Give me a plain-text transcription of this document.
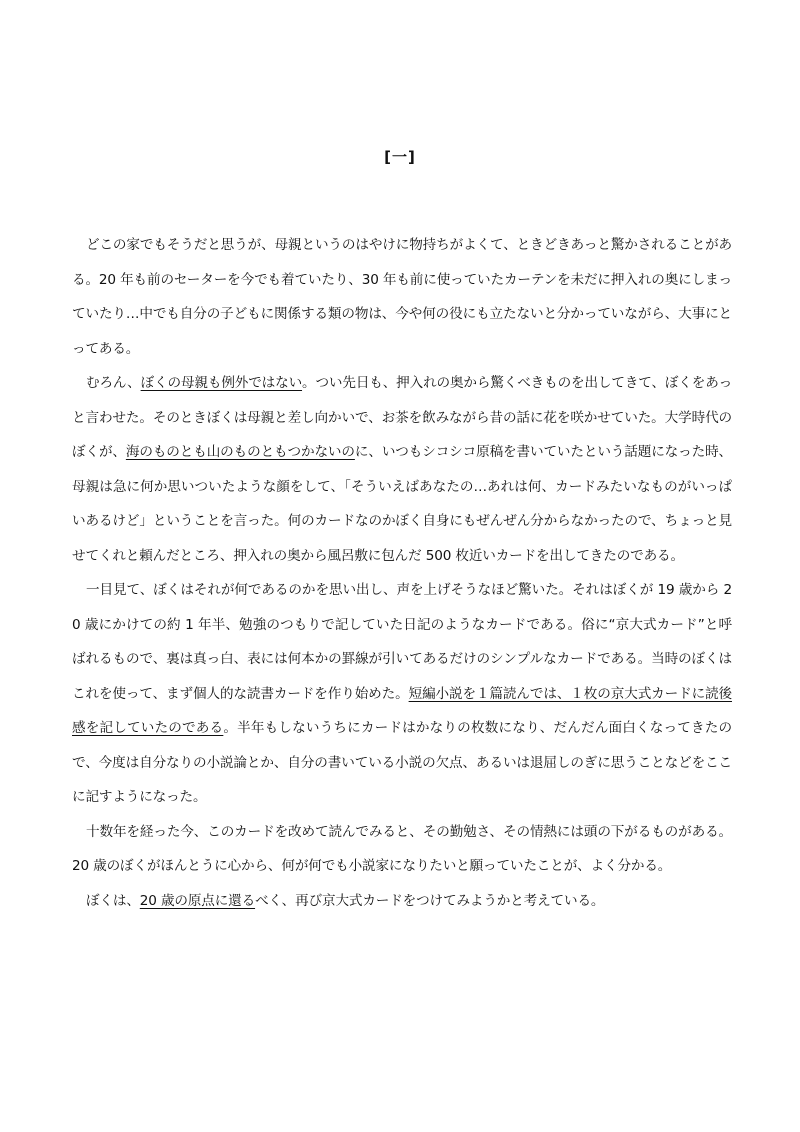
[一]

どこの家でもそうだと思うが、母親というのはやけに物持ちがよくて、ときどきあっと驚かされることがある。20 年も前のセーターを今でも着ていたり、30 年も前に使っていたカーテンを未だに押入れの奥にしまっていたり…中でも自分の子どもに関係する類の物は、今や何の役にも立たないと分かっていながら、大事にとってある。

むろん、ぼくの母親も例外ではない。つい先日も、押入れの奥から驚くべきものを出してきて、ぼくをあっと言わせた。そのときぼくは母親と差し向かいで、お茶を飲みながら昔の話に花を咲かせていた。大学時代のぼくが、海のものとも山のものともつかないのに、いつもシコシコ原稿を書いていたという話題になった時、母親は急に何か思いついたような顔をして、「そういえばあなたの…あれは何、カードみたいなものがいっぱいあるけど」ということを言った。何のカードなのかぼく自身にもぜんぜん分からなかったので、ちょっと見せてくれと頼んだところ、押入れの奥から風呂敷に包んだ 500 枚近いカードを出してきたのである。

一目見て、ぼくはそれが何であるのかを思い出し、声を上げそうなほど驚いた。それはぼくが 19 歳から 20 歳にかけての約 1 年半、勉強のつもりで記していた日記のようなカードである。俗に“京大式カード”と呼ばれるもので、裏は真っ白、表には何本かの罫線が引いてあるだけのシンプルなカードである。当時のぼくはこれを使って、まず個人的な読書カードを作り始めた。短編小説を１篇読んでは、１枚の京大式カードに読後感を記していたのである。半年もしないうちにカードはかなりの枚数になり、だんだん面白くなってきたので、今度は自分なりの小説論とか、自分の書いている小説の欠点、あるいは退屈しのぎに思うことなどをここに記すようになった。

十数年を経った今、このカードを改めて読んでみると、その勤勉さ、その情熱には頭の下がるものがある。20 歳のぼくがほんとうに心から、何が何でも小説家になりたいと願っていたことが、よく分かる。

ぼくは、20 歳の原点に還るべく、再び京大式カードをつけてみようかと考えている。
